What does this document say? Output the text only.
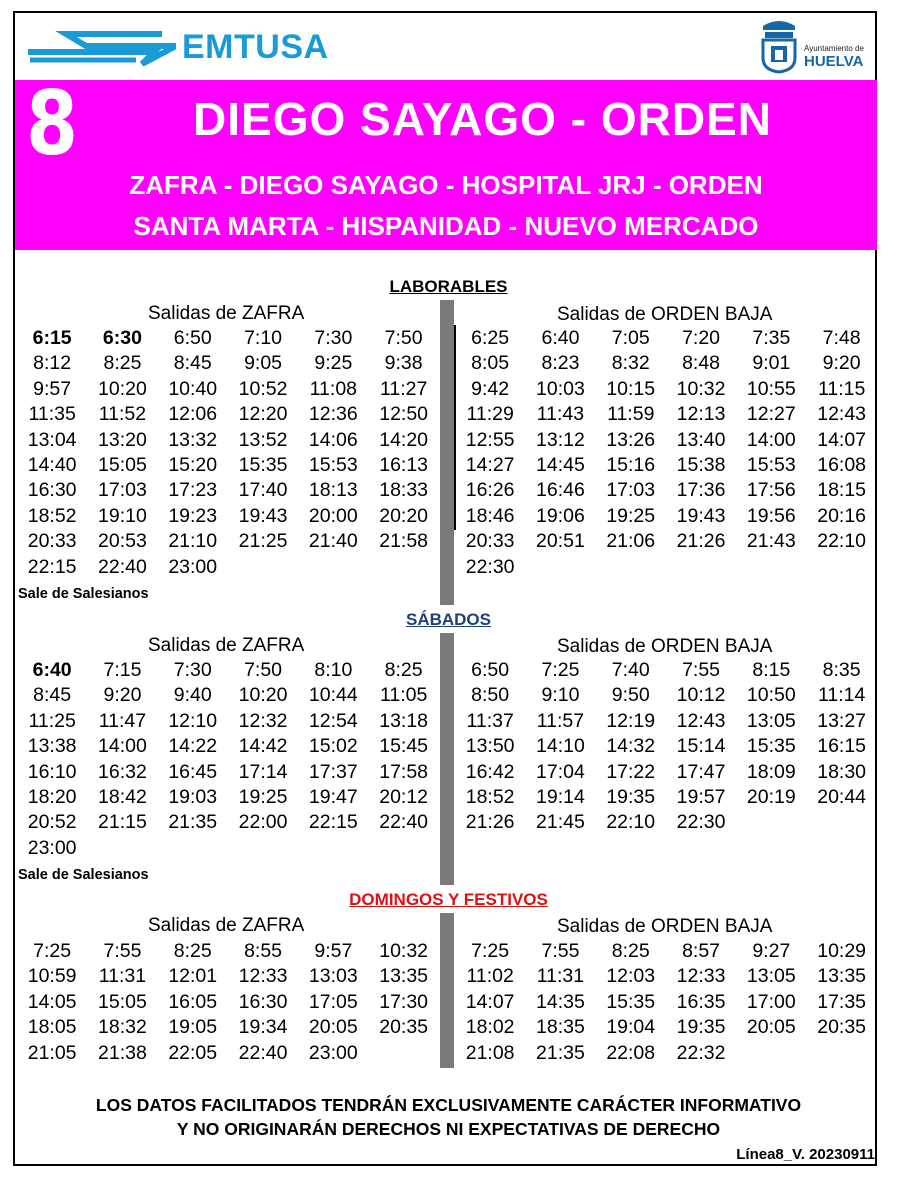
EMTUSA	Ayuntamiento de
HUELVA
8	DIEGO SAYAGO - ORDEN
ZAFRA - DIEGO SAYAGO - HOSPITAL JRJ - ORDEN
SANTA MARTA - HISPANIDAD - NUEVO MERCADO
LABORABLES
Salidas de ZAFRA	Salidas de ORDEN BAJA
6:15	6:30	6:50	7:10	7:30	7:50
8:12	8:25	8:45	9:05	9:25	9:38
9:57	10:20	10:40	10:52	11:08	11:27
11:35	11:52	12:06	12:20	12:36	12:50
13:04	13:20	13:32	13:52	14:06	14:20
14:40	15:05	15:20	15:35	15:53	16:13
16:30	17:03	17:23	17:40	18:13	18:33
18:52	19:10	19:23	19:43	20:00	20:20
20:33	20:53	21:10	21:25	21:40	21:58
22:15	22:40	23:00
6:25	6:40	7:05	7:20	7:35	7:48
8:05	8:23	8:32	8:48	9:01	9:20
9:42	10:03	10:15	10:32	10:55	11:15
11:29	11:43	11:59	12:13	12:27	12:43
12:55	13:12	13:26	13:40	14:00	14:07
14:27	14:45	15:16	15:38	15:53	16:08
16:26	16:46	17:03	17:36	17:56	18:15
18:46	19:06	19:25	19:43	19:56	20:16
20:33	20:51	21:06	21:26	21:43	22:10
22:30
Sale de Salesianos
SÁBADOS
Salidas de ZAFRA	Salidas de ORDEN BAJA
6:40	7:15	7:30	7:50	8:10	8:25
8:45	9:20	9:40	10:20	10:44	11:05
11:25	11:47	12:10	12:32	12:54	13:18
13:38	14:00	14:22	14:42	15:02	15:45
16:10	16:32	16:45	17:14	17:37	17:58
18:20	18:42	19:03	19:25	19:47	20:12
20:52	21:15	21:35	22:00	22:15	22:40
23:00
6:50	7:25	7:40	7:55	8:15	8:35
8:50	9:10	9:50	10:12	10:50	11:14
11:37	11:57	12:19	12:43	13:05	13:27
13:50	14:10	14:32	15:14	15:35	16:15
16:42	17:04	17:22	17:47	18:09	18:30
18:52	19:14	19:35	19:57	20:19	20:44
21:26	21:45	22:10	22:30
Sale de Salesianos
DOMINGOS Y FESTIVOS
Salidas de ZAFRA	Salidas de ORDEN BAJA
7:25	7:55	8:25	8:55	9:57	10:32
10:59	11:31	12:01	12:33	13:03	13:35
14:05	15:05	16:05	16:30	17:05	17:30
18:05	18:32	19:05	19:34	20:05	20:35
21:05	21:38	22:05	22:40	23:00
7:25	7:55	8:25	8:57	9:27	10:29
11:02	11:31	12:03	12:33	13:05	13:35
14:07	14:35	15:35	16:35	17:00	17:35
18:02	18:35	19:04	19:35	20:05	20:35
21:08	21:35	22:08	22:32
LOS DATOS FACILITADOS TENDRÁN EXCLUSIVAMENTE CARÁCTER INFORMATIVO
Y NO ORIGINARÁN DERECHOS NI EXPECTATIVAS DE DERECHO
Línea8_V. 20230911
